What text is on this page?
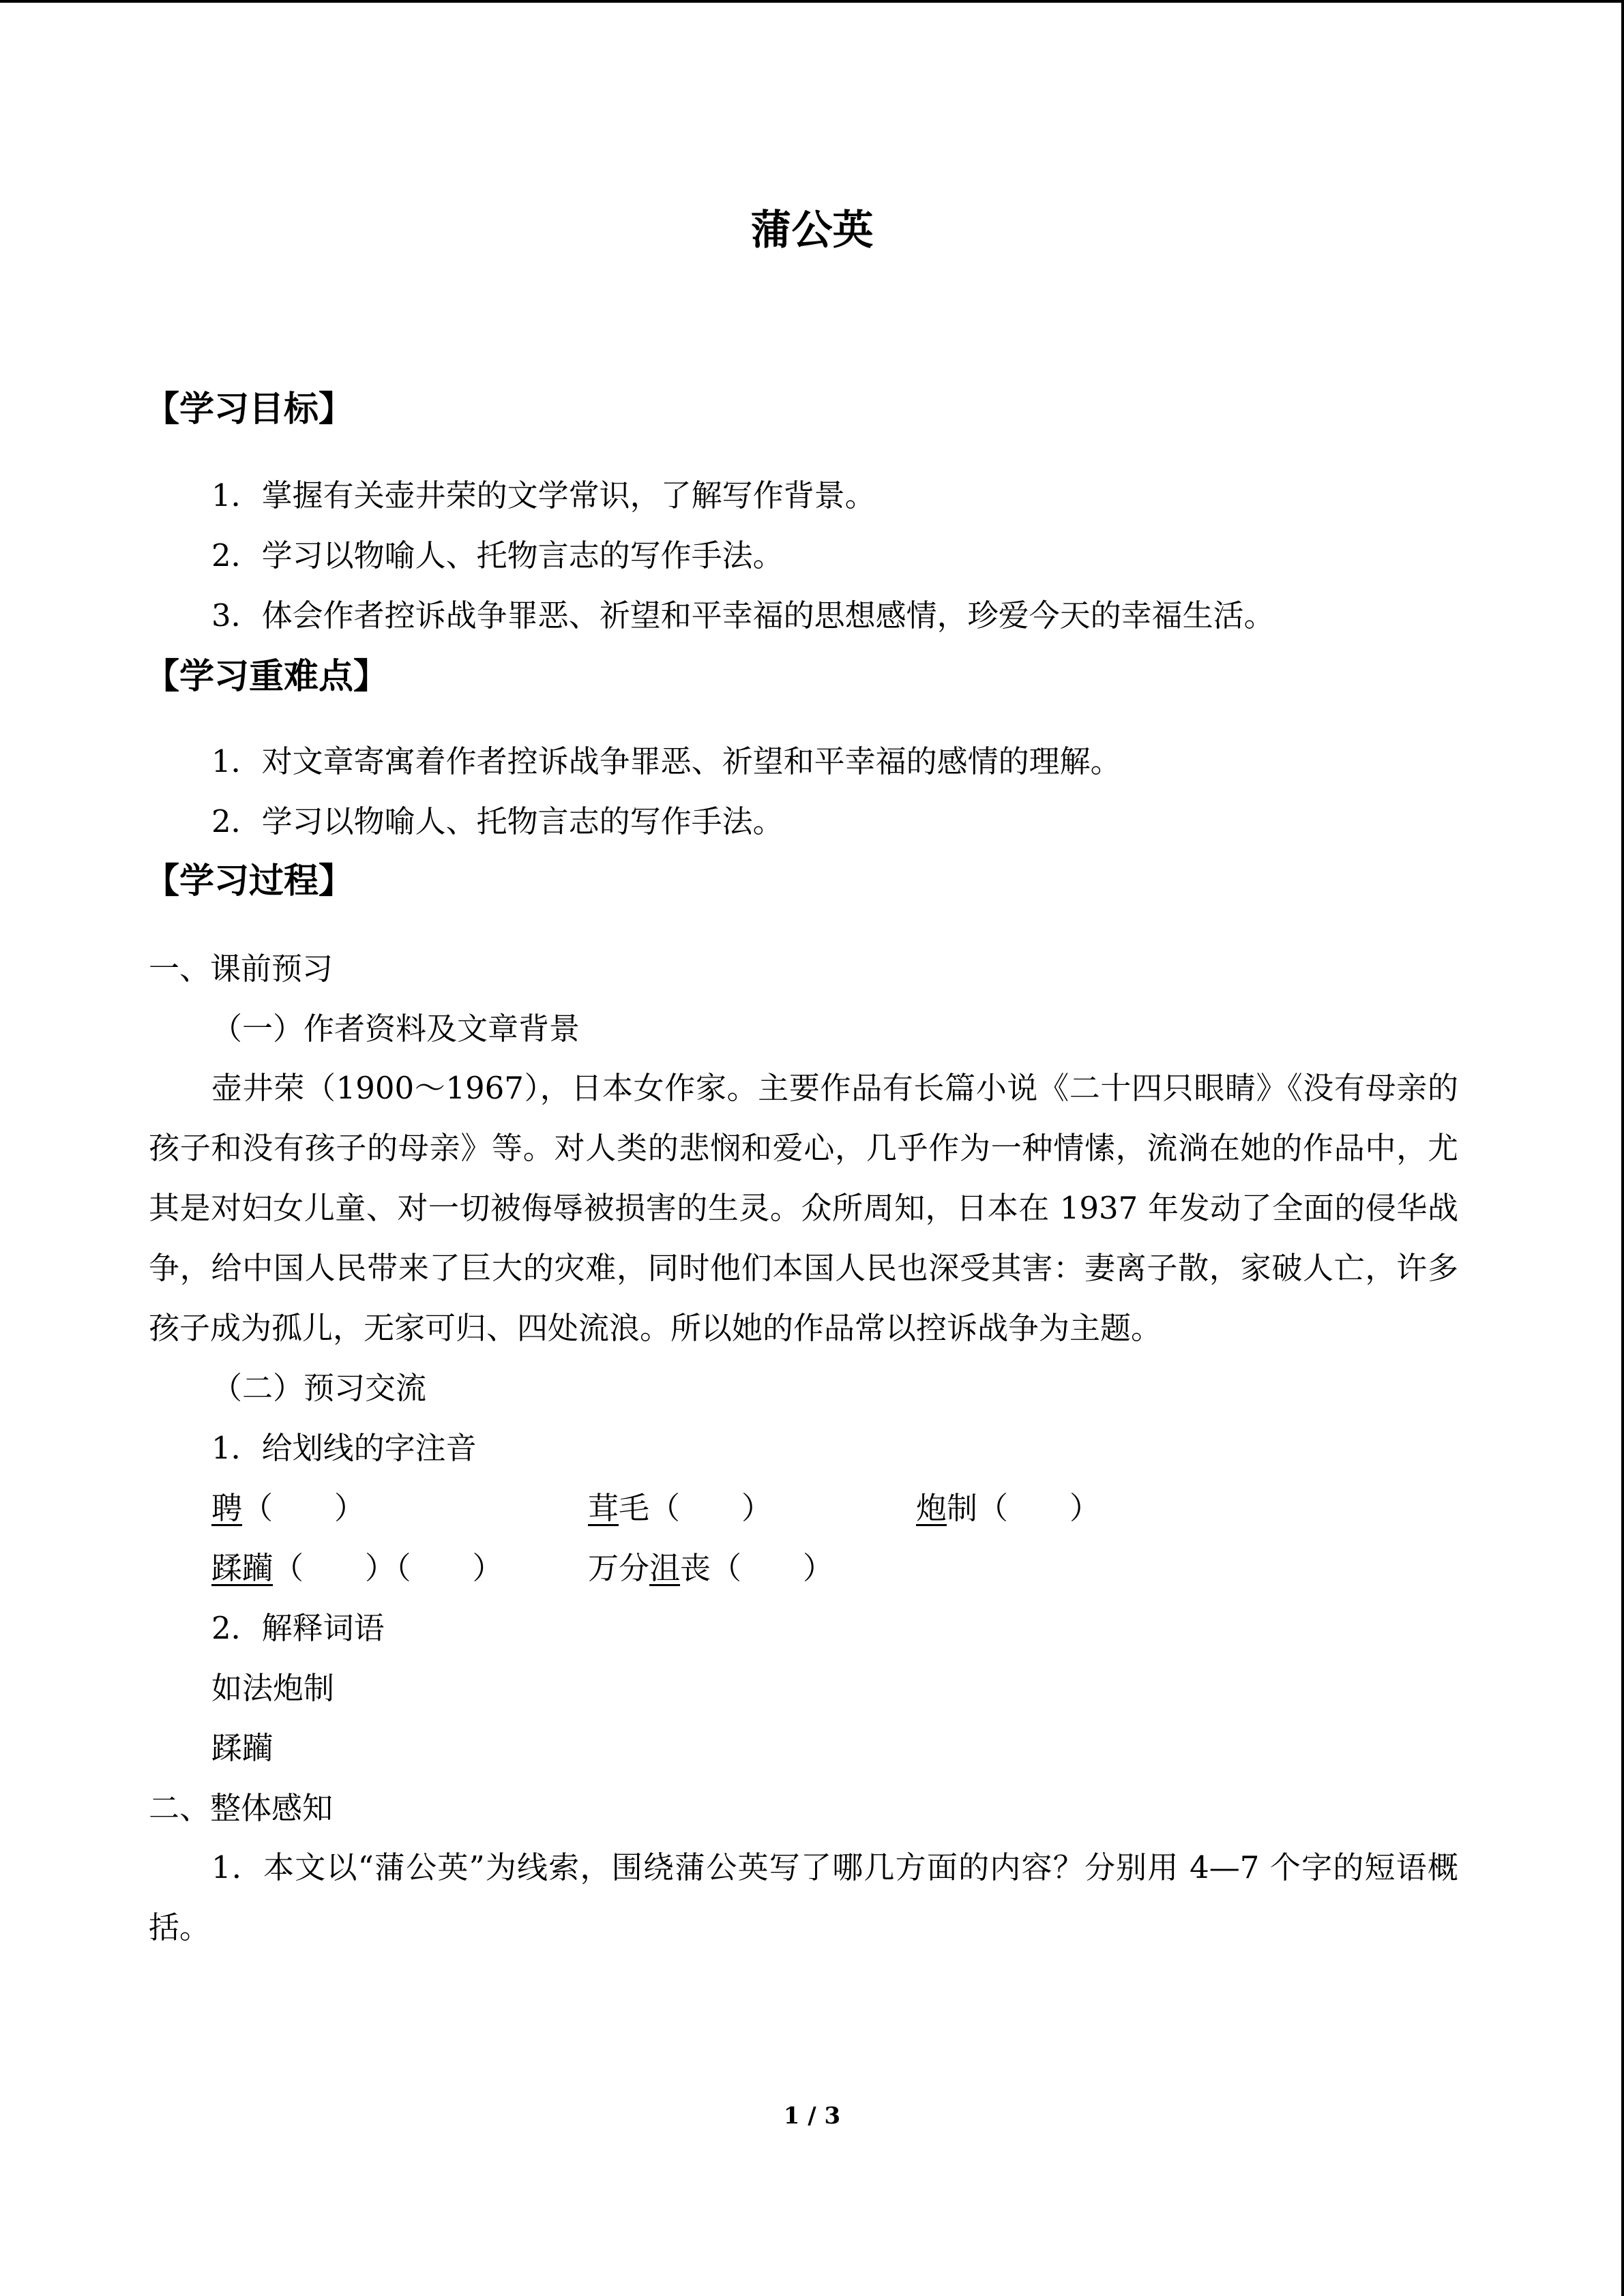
蒲公英
【学习目标】
1．掌握有关壶井荣的文学常识，了解写作背景。
2．学习以物喻人、托物言志的写作手法。
3．体会作者控诉战争罪恶、祈望和平幸福的思想感情，珍爱今天的幸福生活。
【学习重难点】
1．对文章寄寓着作者控诉战争罪恶、祈望和平幸福的感情的理解。
2．学习以物喻人、托物言志的写作手法。
【学习过程】
一、课前预习
（一）作者资料及文章背景
壶井荣（1900～1967），日本女作家。主要作品有长篇小说《二十四只眼睛》《没有母亲的孩子和没有孩子的母亲》等。对人类的悲悯和爱心，几乎作为一种情愫，流淌在她的作品中，尤其是对妇女儿童、对一切被侮辱被损害的生灵。众所周知，日本在 1937 年发动了全面的侵华战争，给中国人民带来了巨大的灾难，同时他们本国人民也深受其害：妻离子散，家破人亡，许多孩子成为孤儿，无家可归、四处流浪。所以她的作品常以控诉战争为主题。
（二）预习交流
1．给划线的字注音
聘（　　）	茸毛（　　）	炮制（　　）
蹂躏（　　）（　　）	万分沮丧（　　）
2．解释词语
如法炮制
蹂躏
二、整体感知
1．本文以“蒲公英”为线索，围绕蒲公英写了哪几方面的内容？分别用 4—7 个字的短语概括。
1 / 3
